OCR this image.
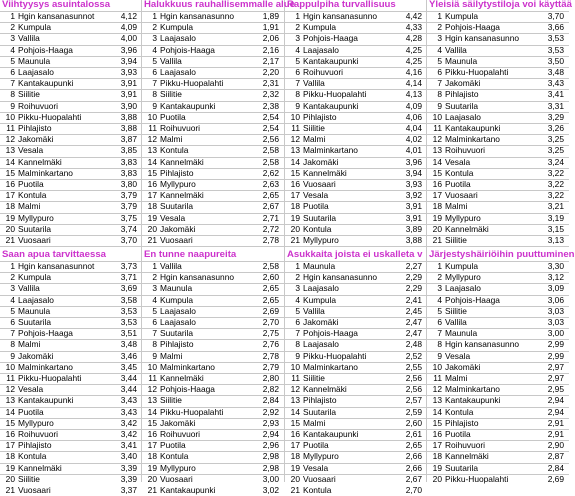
Viihtyysys asuintalossa
1 Hgin kansanasunnot	4,12
2 Kumpula	4,09
3 Vallila	4,00
4 Pohjois-Haaga	3,96
5 Maunula	3,94
6 Laajasalo	3,93
7 Kantakaupunki	3,91
8 Siilitie	3,91
9 Roihuvuori	3,90
10 Pikku-Huopalahti	3,88
11 Pihlajisto	3,88
12 Jakomäki	3,87
13 Vesala	3,85
14 Kannelmäki	3,83
15 Malminkartano	3,83
16 Puotila	3,80
17 Kontula	3,79
18 Malmi	3,79
19 Myllypuro	3,75
20 Suutarila	3,74
21 Vuosaari	3,70
Halukkuus rauhallisemmalle alue
1 Hgin kansanasunno	1,89
2 Kumpula	1,91
3 Laajasalo	2,06
4 Pohjois-Haaga	2,16
5 Vallila	2,17
6 Laajasalo	2,20
7 Pikku-Huopalahti	2,31
8 Siilitie	2,32
9 Kantakaupunki	2,38
10 Puotila	2,54
11 Roihuvuori	2,54
12 Malmi	2,56
13 Kontula	2,58
14 Kannelmäki	2,58
15 Pihlajisto	2,62
16 Myllypuro	2,63
17 Kannelmäki	2,65
18 Suutarila	2,67
19 Vesala	2,71
20 Jakomäki	2,72
21 Vuosaari	2,78
Rappulpiha turvallisuus
1 Hgin kansanasunno	4,42
2 Kumpula	4,33
3 Pohjois-Haaga	4,28
4 Laajasalo	4,25
5 Kantakaupunki	4,25
6 Roihuvuori	4,16
7 Vallila	4,14
8 Pikku-Huopalahti	4,13
9 Kantakaupunki	4,09
10 Pihlajisto	4,06
11 Siilitie	4,04
12 Malmi	4,02
13 Malminkartano	4,01
14 Jakomäki	3,96
15 Kannelmäki	3,94
16 Vuosaari	3,93
17 Vesala	3,92
18 Puotila	3,91
19 Suutarila	3,91
20 Kontula	3,89
21 Myllypuro	3,88
Yleisiä säilytystiloja voi käyttää
1 Kumpula	3,70
2 Pohjois-Haaga	3,66
3 Hgin kansanasunno	3,53
4 Vallila	3,53
5 Maunula	3,50
6 Pikku-Huopalahti	3,48
7 Jakomäki	3,43
8 Pihlajisto	3,41
9 Suutarila	3,31
10 Laajasalo	3,29
11 Kantakaupunki	3,26
12 Malminkartano	3,25
13 Roihuvuori	3,25
14 Vesala	3,24
15 Kontula	3,22
16 Puotila	3,22
17 Vuosaari	3,22
18 Malmi	3,21
19 Myllypuro	3,19
20 Kannelmäki	3,15
21 Siilitie	3,13
Saan apua tarvittaessa
1 Hgin kansanasunnot	3,73
2 Kumpula	3,71
3 Vallila	3,69
4 Laajasalo	3,58
5 Maunula	3,53
6 Suutarila	3,53
7 Pohjois-Haaga	3,51
8 Malmi	3,48
9 Jakomäki	3,46
10 Malminkartano	3,45
11 Pikku-Huopalahti	3,44
12 Vesala	3,44
13 Kantakaupunki	3,43
14 Puotila	3,43
15 Myllypuro	3,42
16 Roihuvuori	3,42
17 Pihlajisto	3,41
18 Kontula	3,40
19 Kannelmäki	3,39
20 Siilitie	3,39
21 Vuosaari	3,37
En tunne naapureita
1 Vallila	2,58
2 Hgin kansanasunno	2,60
3 Maunula	2,65
4 Kumpula	2,65
5 Laajasalo	2,69
6 Laajasalo	2,70
7 Suutarila	2,75
8 Pihlajisto	2,76
9 Malmi	2,78
10 Malminkartano	2,79
11 Kannelmäki	2,80
12 Pohjois-Haaga	2,82
13 Siilitie	2,84
14 Pikku-Huopalahti	2,92
15 Jakomäki	2,93
16 Roihuvuori	2,94
17 Puotila	2,96
18 Kontula	2,98
19 Myllypuro	2,98
20 Vuosaari	3,00
21 Kantakaupunki	3,02
Asukkaita joista ei uskalleta v
1 Maunula	2,27
2 Hgin kansanasunno	2,29
3 Laajasalo	2,29
4 Kumpula	2,41
5 Vallila	2,45
6 Jakomäki	2,47
7 Pohjois-Haaga	2,47
8 Laajasalo	2,48
9 Pikku-Huopalahti	2,52
10 Malminkartano	2,55
11 Siilitie	2,56
12 Kannelmäki	2,56
13 Pihlajisto	2,57
14 Suutarila	2,59
15 Malmi	2,60
16 Kantakaupunki	2,61
17 Puotila	2,65
18 Myllypuro	2,66
19 Vesala	2,66
20 Vuosaari	2,67
21 Kontula	2,70
Järjestyshäiriöihin puuttuminen
1 Kumpula	3,30
2 Myllypuro	3,12
3 Laajasalo	3,09
4 Pohjois-Haaga	3,06
5 Siilitie	3,03
6 Vallila	3,03
7 Maunula	3,00
8 Hgin kansanasunno	2,99
9 Vesala	2,99
10 Jakomäki	2,97
11 Malmi	2,97
12 Malminkartano	2,95
13 Kantakaupunki	2,94
14 Kontula	2,94
15 Pihlajisto	2,91
16 Puotila	2,91
17 Roihuvuori	2,90
18 Kannelmäki	2,87
19 Suutarila	2,84
20 Pikku-Huopalahti	2,69
